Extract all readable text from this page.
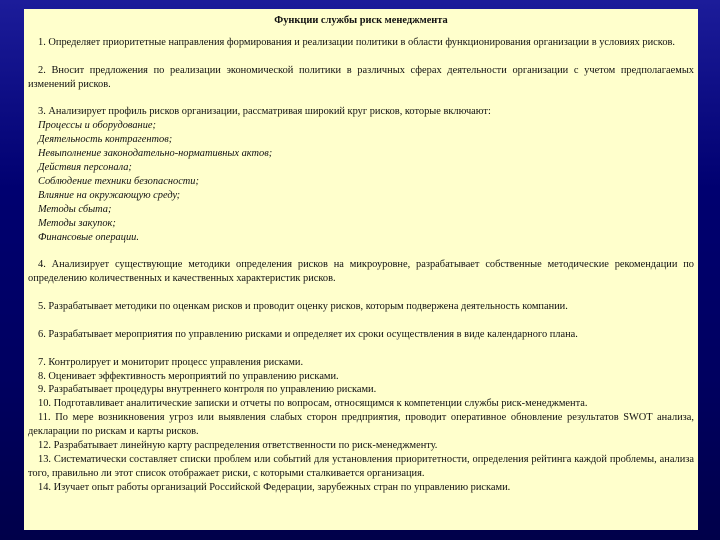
Функции службы риск менеджмента
1. Определяет приоритетные направления формирования и реализации политики в области функционирования организации в условиях рисков.
2. Вносит предложения по реализации экономической политики в различных сферах деятельности организации с учетом предполагаемых изменений рисков.
3. Анализирует профиль рисков организации, рассматривая широкий круг рисков, которые включают:
Процессы и оборудование;
Деятельность контрагентов;
Невыполнение законодательно-нормативных актов;
Действия персонала;
Соблюдение техники безопасности;
Влияние на окружающую среду;
Методы сбыта;
Методы закупок;
Финансовые операции.
4. Анализирует существующие методики определения рисков на микроуровне, разрабатывает собственные методические рекомендации по определению количественных и качественных характеристик рисков.
5. Разрабатывает методики по оценкам рисков и проводит оценку рисков, которым подвержена деятельность компании.
6. Разрабатывает мероприятия по управлению рисками и определяет их сроки осуществления в виде календарного плана.
7. Контролирует и мониторит процесс управления рисками.
8. Оценивает эффективность мероприятий по управлению рисками.
9. Разрабатывает процедуры внутреннего контроля по управлению рисками.
10. Подготавливает аналитические записки и отчеты по вопросам, относящимся к компетенции службы риск-менеджмента.
11. По мере возникновения угроз или выявления слабых сторон предприятия, проводит оперативное обновление результатов SWOT анализа, декларации по рискам и карты рисков.
12. Разрабатывает линейную карту распределения ответственности по риск-менеджменту.
13. Систематически составляет списки проблем или событий для установления приоритетности, определения рейтинга каждой проблемы, анализа того, правильно ли этот список отображает риски, с которыми сталкивается организация.
14. Изучает опыт работы организаций Российской Федерации, зарубежных стран по управлению рисками.
